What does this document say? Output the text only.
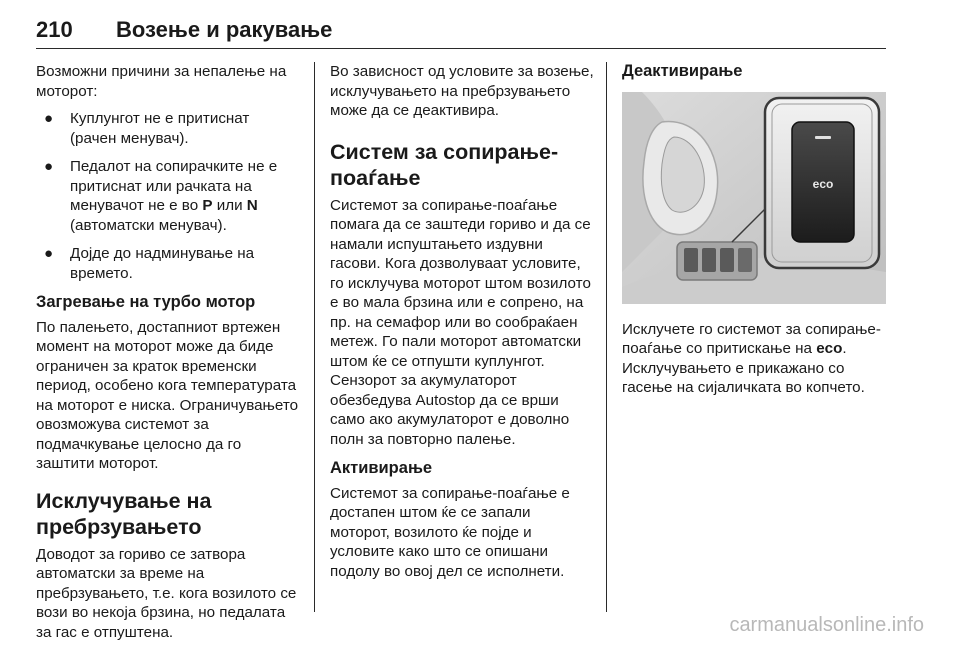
210 Возење и ракување

Возможни причини за непалење на моторот:

● Куплунгот не е притиснат (рачен менувач).
● Педалот на сопирачките не е притиснат или рачката на менувачот не е во P или N (автоматски менувач).
● Дојде до надминување на времето.
Загревање на турбо мотор

По палењето, достапниот вртежен момент на моторот може да биде ограничен за краток временски период, особено кога температурата на моторот е ниска. Ограничувањето овозможува системот за подмачкување целосно да го заштити моторот.

Исклучување на пребрзувањето

Доводот за гориво се затвора автоматски за време на пребрзувањето, т.е. кога возилото се вози во некоја брзина, но педалата за гас е отпуштена.

Во зависност од условите за возење, исклучувањето на пребрзувањето може да се деактивира.

Систем за сопирање-поаѓање

Системот за сопирање-поаѓање помага да се заштеди гориво и да се намали испуштањето издувни гасови. Кога дозволуваат условите, го исклучува моторот штом возилото е во мала брзина или е сопрено, на пр. на семафор или во сообраќаен метеж. Го пали моторот автоматски штом ќе се отпушти куплунгот. Сензорот за акумулаторот обезбедува Autostop да се врши само ако акумулаторот е доволно полн за повторно палење.

Активирање

Системот за сопирање-поаѓање е достапен штом ќе се запали моторот, возилото ќе појде и условите како што се опишани подолу во овој дел се исполнети.

Деактивирање
eco

Исклучете го системот за сопирање-поаѓање со притискање на eco. Исклучувањето е прикажано со гасење на сијаличката во копчето.

carmanualsonline.info
